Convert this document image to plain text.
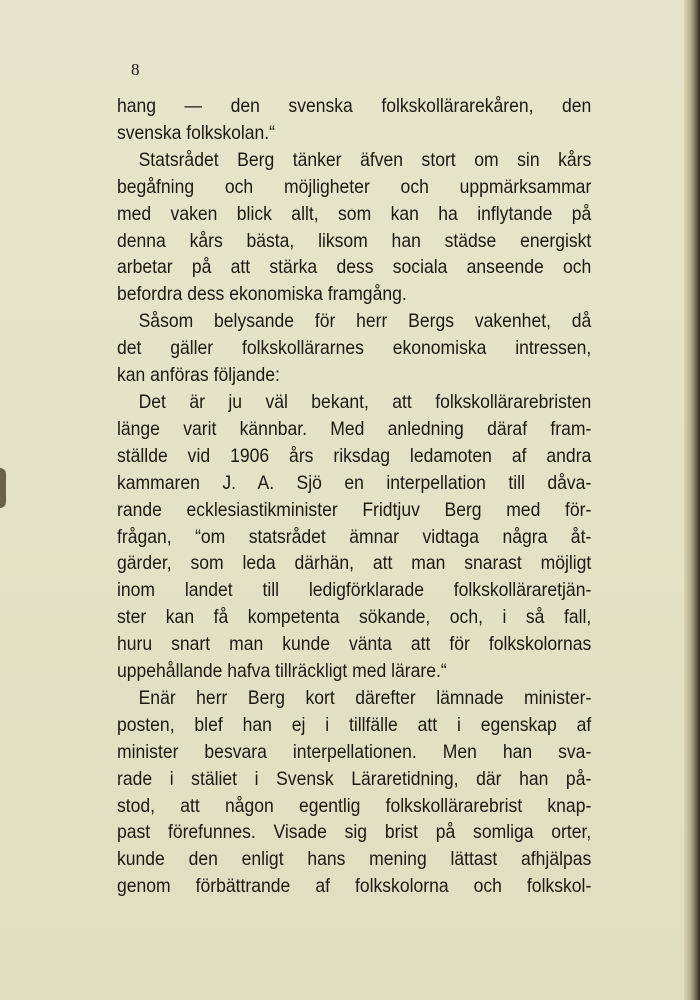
8
hang — den svenska folkskollärarekåren, den
svenska folkskolan.“
Statsrådet Berg tänker äfven stort om sin kårs
begåfning och möjligheter och uppmärksammar
med vaken blick allt, som kan ha inflytande på
denna kårs bästa, liksom han städse energiskt
arbetar på att stärka dess sociala anseende och
befordra dess ekonomiska framgång.
Såsom belysande för herr Bergs vakenhet, då
det gäller folkskollärarnes ekonomiska intressen,
kan anföras följande:
Det är ju väl bekant, att folkskollärarebristen
länge varit kännbar. Med anledning däraf fram-
ställde vid 1906 års riksdag ledamoten af andra
kammaren J. A. Sjö en interpellation till dåva-
rande ecklesiastikminister Fridtjuv Berg med för-
frågan, “om statsrådet ämnar vidtaga några åt-
gärder, som leda därhän, att man snarast möjligt
inom landet till ledigförklarade folkskolläraretjän-
ster kan få kompetenta sökande, och, i så fall,
huru snart man kunde vänta att för folkskolornas
uppehållande hafva tillräckligt med lärare.“
Enär herr Berg kort därefter lämnade minister-
posten, blef han ej i tillfälle att i egenskap af
minister besvara interpellationen. Men han sva-
rade i stäliet i Svensk Läraretidning, där han på-
stod, att någon egentlig folkskollärarebrist knap-
past förefunnes. Visade sig brist på somliga orter,
kunde den enligt hans mening lättast afhjälpas
genom förbättrande af folkskolorna och folkskol-
